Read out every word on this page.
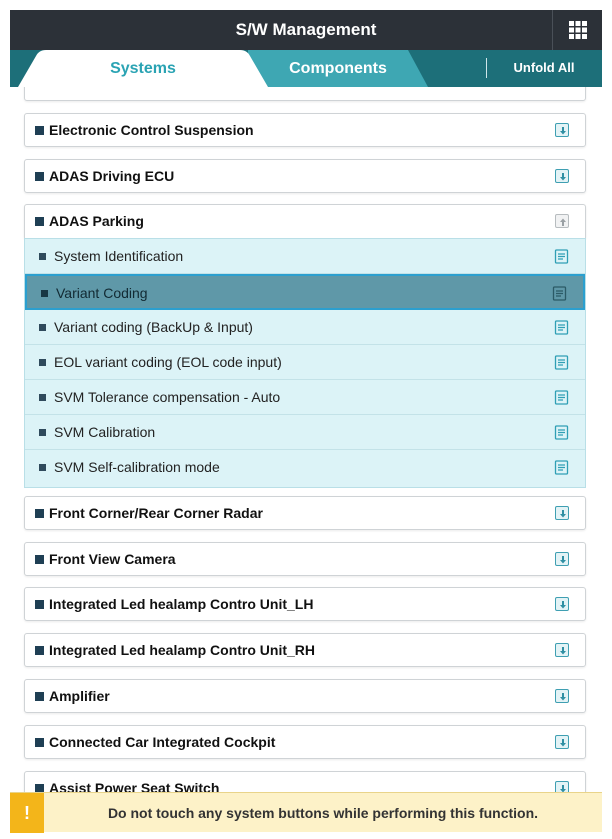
S/W Management
Components
Systems	Unfold All
Electronic Control Suspension
ADAS Driving ECU
ADAS Parking
System Identification
Variant Coding
Variant coding (BackUp & Input)
EOL variant coding (EOL code input)
SVM Tolerance compensation - Auto
SVM Calibration
SVM Self-calibration mode
Front Corner/Rear Corner Radar
Front View Camera
Integrated Led healamp Contro Unit_LH
Integrated Led healamp Contro Unit_RH
Amplifier
Connected Car Integrated Cockpit
Assist Power Seat Switch
!	Do not touch any system buttons while performing this function.
